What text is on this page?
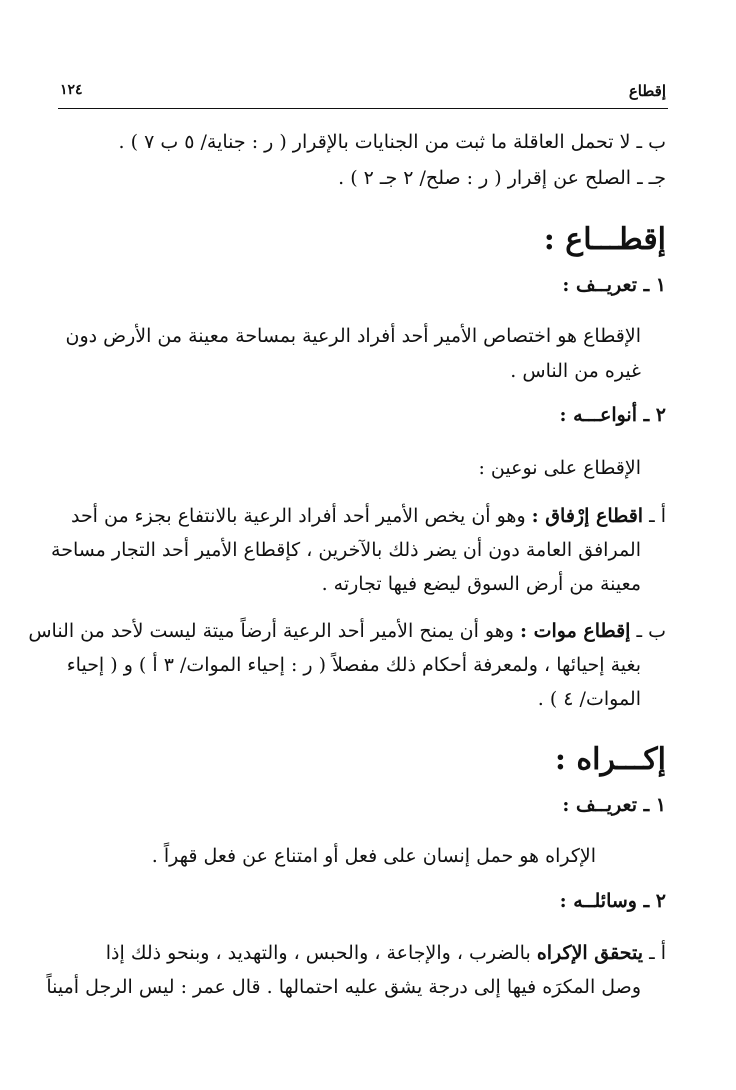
إقطاع
١٢٤
ب ـ لا تحمل العاقلة ما ثبت من الجنايات بالإقرار ( ر : جناية/ ٥ ب ٧ ) .
جـ ـ الصلح عن إقرار ( ر : صلح/ ٢ جـ ٢ ) .
إقطـــاع :
١ ـ تعريــف :
الإقطاع هو اختصاص الأمير أحد أفراد الرعية بمساحة معينة من الأرض دون
غيره من الناس .
٢ ـ أنواعـــه :
الإقطاع على نوعين :
أ ـ اقطاع إرْفاق : وهو أن يخص الأمير أحد أفراد الرعية بالانتفاع بجزء من أحد
المرافق العامة دون أن يضر ذلك بالآخرين ، كإقطاع الأمير أحد التجار مساحة
معينة من أرض السوق ليضع فيها تجارته .
ب ـ إقطاع موات : وهو أن يمنح الأمير أحد الرعية أرضاً ميتة ليست لأحد من الناس
بغية إحيائها ، ولمعرفة أحكام ذلك مفصلاً ( ر : إحياء الموات/ ٣ أ ) و ( إحياء
الموات/ ٤ ) .
إكـــراه :
١ ـ تعريــف :
الإكراه هو حمل إنسان على فعل أو امتناع عن فعل قهراً .
٢ ـ وسائلــه :
أ ـ يتحقق الإكراه بالضرب ، والإجاعة ، والحبس ، والتهديد ، وبنحو ذلك إذا
وصل المكرَه فيها إلى درجة يشق عليه احتمالها . قال عمر : ليس الرجل أميناً
